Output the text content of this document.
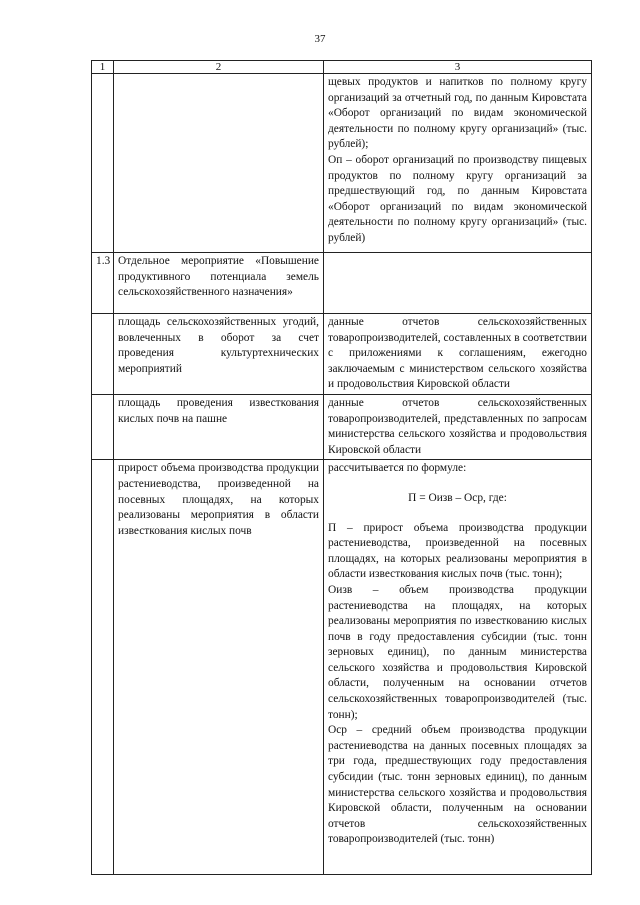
37
1	2	3

		щевых продуктов и напитков по полному кругу организаций за отчетный год, по данным Кировстата «Оборот организаций по видам экономической деятельности по полному кругу организаций» (тыс. рублей);

Оп – оборот организаций по производству пищевых продуктов по полному кругу организаций за предшествующий год, по данным Кировстата «Оборот организаций по видам экономической деятельности по полному кругу организаций» (тыс. рублей)

1.3	Отдельное мероприятие «Повышение продуктивного потенциала земель сельскохозяйственного назначения»	
	площадь сельскохозяйственных угодий, вовлеченных в оборот за счет проведения культуртехнических мероприятий	данные отчетов сельскохозяйственных товаропроизводителей, составленных в соответствии с приложениями к соглашениям, ежегодно заключаемым с министерством сельского хозяйства и продовольствия Кировской области

	площадь проведения известкования кислых почв на пашне	данные отчетов сельскохозяйственных товаропроизводителей, представленных по запросам министерства сельского хозяйства и продовольствия Кировской области

	прирост объема производства продукции растениеводства, произведенной на посевных площадях, на которых реализованы мероприятия в области известкования кислых почв	рассчитывается по формуле:

П = Оизв – Оср, где:

П – прирост объема производства продукции растениеводства, произведенной на посевных площадях, на которых реализованы мероприятия в области известкования кислых почв (тыс. тонн);

Оизв – объем производства продукции растениеводства на площадях, на которых реализованы мероприятия по известкованию кислых почв в году предоставления субсидии (тыс. тонн зерновых единиц), по данным министерства сельского хозяйства и продовольствия Кировской области, полученным на основании отчетов сельскохозяйственных товаропроизводителей (тыс. тонн);

Оср – средний объем производства продукции растениеводства на данных посевных площадях за три года, предшествующих году предоставления субсидии (тыс. тонн зерновых единиц), по данным министерства сельского хозяйства и продовольствия Кировской области, полученным на основании отчетов сельскохозяйственных товаропроизводителей (тыс. тонн)
